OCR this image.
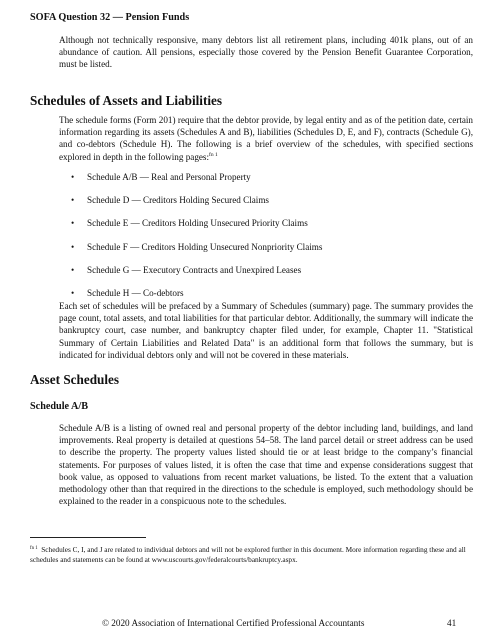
SOFA Question 32 — Pension Funds
Although not technically responsive, many debtors list all retirement plans, including 401k plans, out of an abundance of caution. All pensions, especially those covered by the Pension Benefit Guarantee Corporation, must be listed.
Schedules of Assets and Liabilities
The schedule forms (Form 201) require that the debtor provide, by legal entity and as of the petition date, certain information regarding its assets (Schedules A and B), liabilities (Schedules D, E, and F), contracts (Schedule G), and co-debtors (Schedule H). The following is a brief overview of the schedules, with specified sections explored in depth in the following pages:$^{fn 1}$
• Schedule A/B — Real and Personal Property
• Schedule D — Creditors Holding Secured Claims
• Schedule E — Creditors Holding Unsecured Priority Claims
• Schedule F — Creditors Holding Unsecured Nonpriority Claims
• Schedule G — Executory Contracts and Unexpired Leases
• Schedule H — Co-debtors
Each set of schedules will be prefaced by a Summary of Schedules (summary) page. The summary provides the page count, total assets, and total liabilities for that particular debtor. Additionally, the summary will indicate the bankruptcy court, case number, and bankruptcy chapter filed under, for example, Chapter 11. "Statistical Summary of Certain Liabilities and Related Data" is an additional form that follows the summary, but is indicated for individual debtors only and will not be covered in these materials.
Asset Schedules
Schedule A/B
Schedule A/B is a listing of owned real and personal property of the debtor including land, buildings, and land improvements. Real property is detailed at questions 54–58. The land parcel detail or street address can be used to describe the property. The property values listed should tie or at least bridge to the company’s financial statements. For purposes of values listed, it is often the case that time and expense considerations suggest that book value, as opposed to valuations from recent market valuations, be listed. To the extent that a valuation methodology other than that required in the directions to the schedule is employed, such methodology should be explained to the reader in a conspicuous note to the schedules.
$^{fn 1}$ Schedules C, I, and J are related to individual debtors and will not be explored further in this document. More information regarding these and all schedules and statements can be found at www.uscourts.gov/federalcourts/bankruptcy.aspx.
© 2020 Association of International Certified Professional Accountants	41
